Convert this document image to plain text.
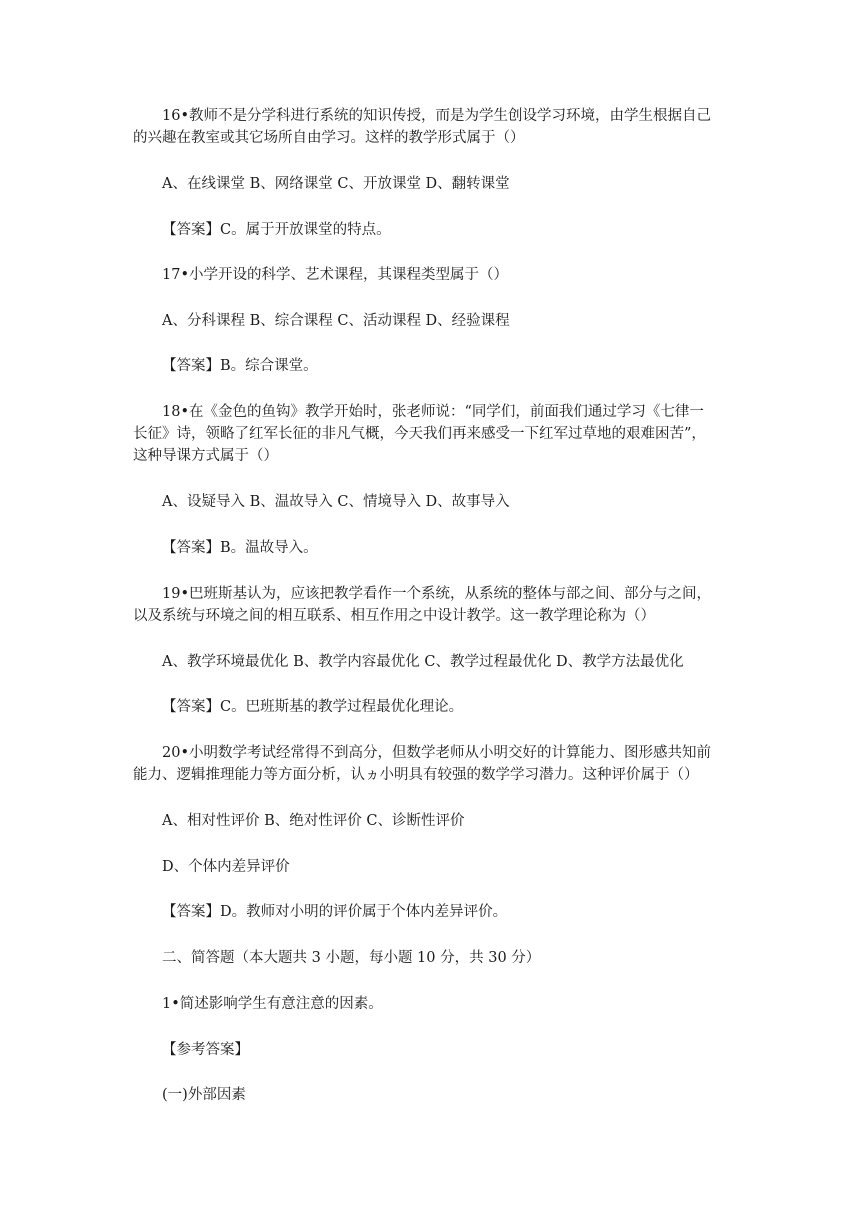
16•教师不是分学科进行系统的知识传授，而是为学生创设学习环境，由学生根据自己
的兴趣在教室或其它场所自由学习。这样的教学形式属于（）
A、在线课堂 B、网络课堂 C、开放课堂 D、翻转课堂
【答案】C。属于开放课堂的特点。
17•小学开设的科学、艺术课程，其课程类型属于（）
A、分科课程 B、综合课程 C、活动课程 D、经验课程
【答案】B。综合课堂。
18•在《金色的鱼钩》教学开始时，张老师说：“同学们，前面我们通过学习《七律一
长征》诗，领略了红军长征的非凡气概，今天我们再来感受一下红军过草地的艰难困苦”，
这种导课方式属于（）
A、设疑导入 B、温故导入 C、情境导入 D、故事导入
【答案】B。温故导入。
19•巴班斯基认为，应该把教学看作一个系统，从系统的整体与部之间、部分与之间，
以及系统与环境之间的相互联系、相互作用之中设计教学。这一教学理论称为（）
A、教学环境最优化 B、教学内容最优化 C、教学过程最优化 D、教学方法最优化
【答案】C。巴班斯基的教学过程最优化理论。
20•小明数学考试经常得不到高分，但数学老师从小明交好的计算能力、图形感共知前
能力、逻辑推理能力等方面分析，认ヵ小明具有较强的数学学习潜力。这种评价属于（）
A、相对性评价 B、绝对性评价 C、诊断性评价
D、个体内差异评价
【答案】D。教师对小明的评价属于个体内差异评价。
二、简答题（本大题共 3 小题，每小题 10 分，共 30 分）
1•简述影响学生有意注意的因素。
【参考答案】
(一)外部因素
